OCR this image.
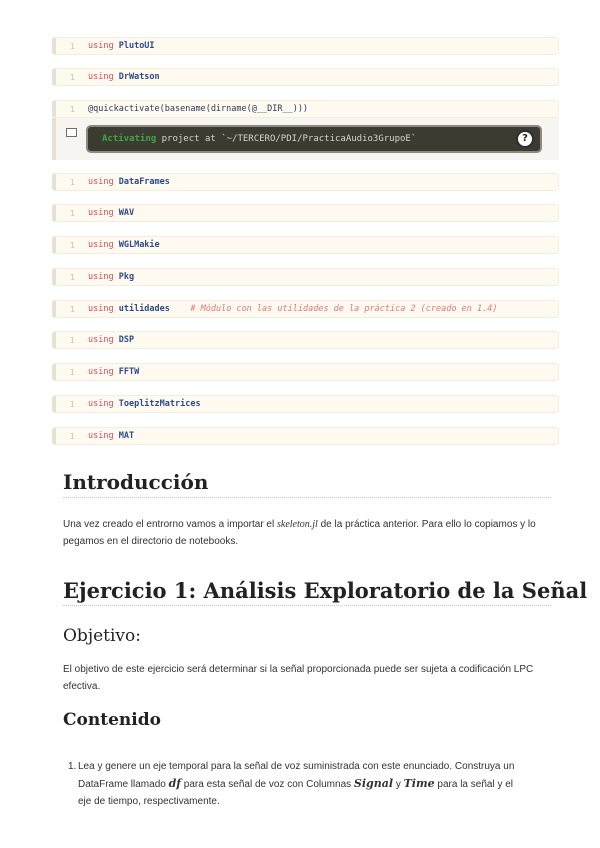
1 using PlutoUI
1 using DrWatson
1 @quickactivate(basename(dirname(@__DIR__)))
Activating project at `~/TERCERO/PDI/PracticaAudio3GrupoE`	?
1 using DataFrames
1 using WAV
1 using WGLMakie
1 using Pkg
1 using utilidades # Módulo con las utilidades de la práctica 2 (creado en 1.4)
1 using DSP
1 using FFTW
1 using ToeplitzMatrices
1 using MAT
Introducción
Una vez creado el entrorno vamos a importar el skeleton.jl de la práctica anterior. Para ello lo copiamos y lo pegamos en el directorio de notebooks.
Ejercicio 1: Análisis Exploratorio de la Señal
Objetivo:
El objetivo de este ejercicio será determinar si la señal proporcionada puede ser sujeta a codificación LPC efectiva.
Contenido
1. Lea y genere un eje temporal para la señal de voz suministrada con este enunciado. Construya un DataFrame llamado df para esta señal de voz con Columnas Signal y Time para la señal y el eje de tiempo, respectivamente.
